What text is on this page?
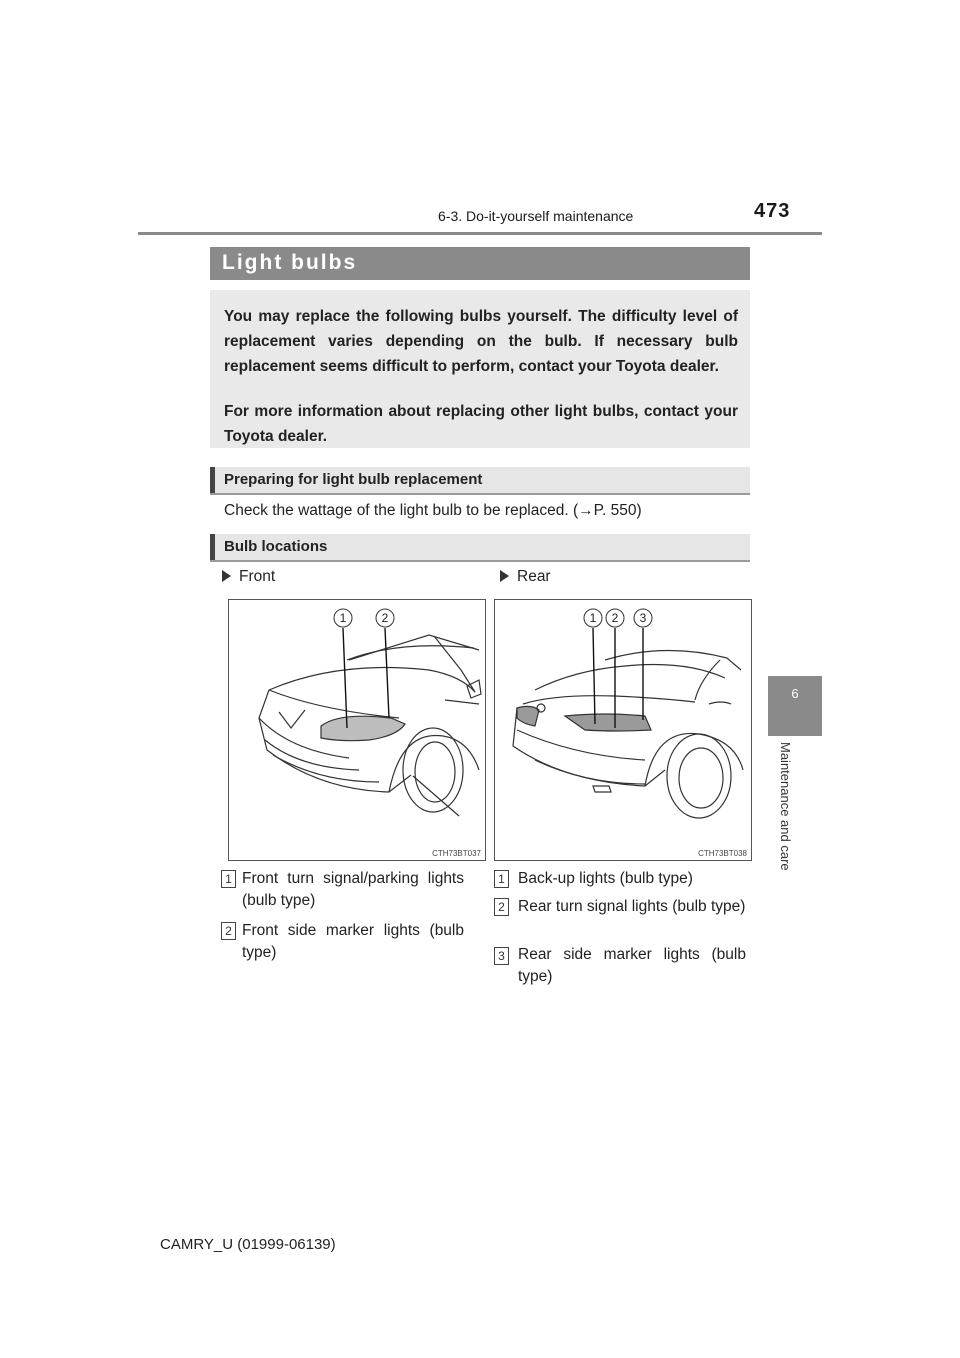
6-3. Do-it-yourself maintenance	473
6
Maintenance and care
Light bulbs

You may replace the following bulbs yourself. The difficulty level of replacement varies depending on the bulb. If necessary bulb replacement seems difficult to perform, contact your Toyota dealer.

For more information about replacing other light bulbs, contact your Toyota dealer.

Preparing for light bulb replacement
Check the wattage of the light bulb to be replaced. (→P. 550)
Bulb locations
Front	Rear
1	2
CTH73BT037
1 2 3
CTH73BT038
1 Front turn signal/parking lights (bulb type)
2 Front side marker lights (bulb type)
1 Back-up lights (bulb type)
2 Rear turn signal lights (bulb type)
3 Rear side marker lights (bulb type)
CAMRY_U (01999-06139)
